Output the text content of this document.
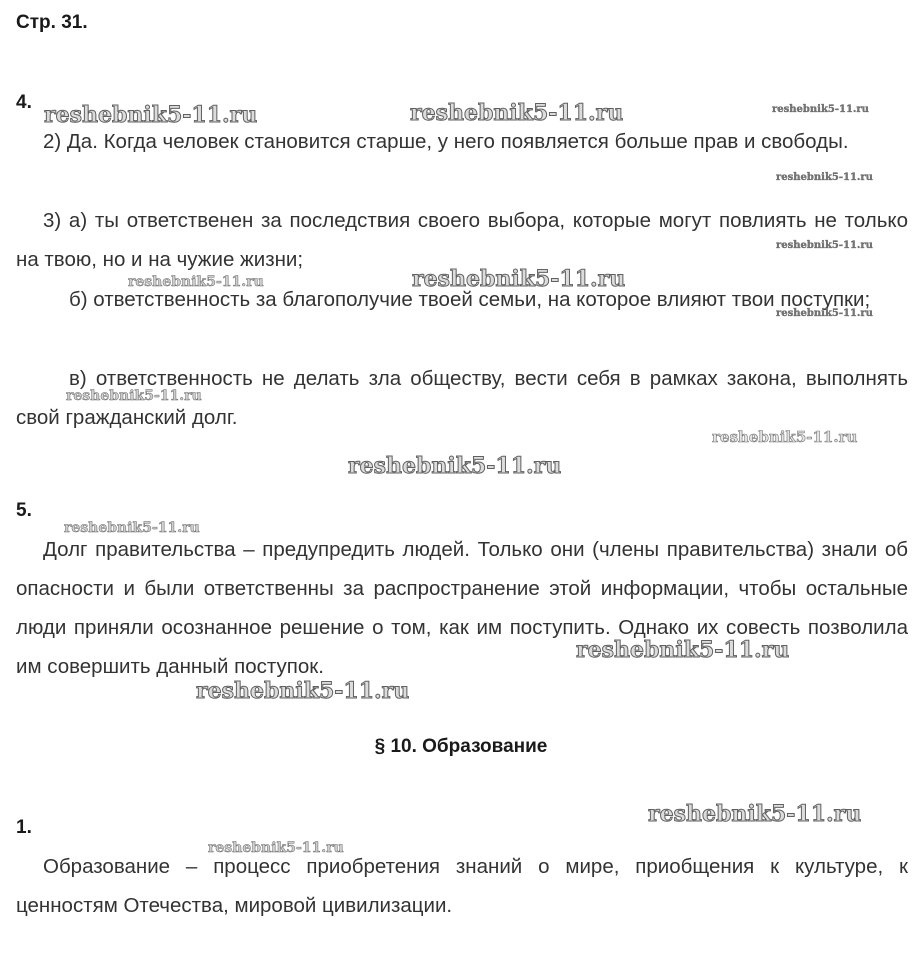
Стр. 31.

4.

2) Да. Когда человек становится старше, у него появляется больше прав и свободы.

3) а) ты ответственен за последствия своего выбора, которые могут повлиять не только на твою, но и на чужие жизни;

б) ответственность за благополучие твоей семьи, на которое влияют твои поступки;

в) ответственность не делать зла обществу, вести себя в рамках закона, выполнять свой гражданский долг.

5.

Долг правительства – предупредить людей. Только они (члены правительства) знали об опасности и были ответственны за распространение этой информации, чтобы остальные люди приняли осознанное решение о том, как им поступить. Однако их совесть позволила им совершить данный поступок.

§ 10. Образование

1.

Образование – процесс приобретения знаний о мире, приобщения к культуре, к ценностям Отечества, мировой цивилизации.

reshebnik5-11.ru	reshebnik5-11.ru	reshebnik5-11.ru
reshebnik5-11.ru
reshebnik5-11.ru
reshebnik5-11.ru	reshebnik5-11.ru
reshebnik5-11.ru
reshebnik5-11.ru
reshebnik5-11.ru
reshebnik5-11.ru
reshebnik5-11.ru
reshebnik5-11.ru
reshebnik5-11.ru
reshebnik5-11.ru
reshebnik5-11.ru
